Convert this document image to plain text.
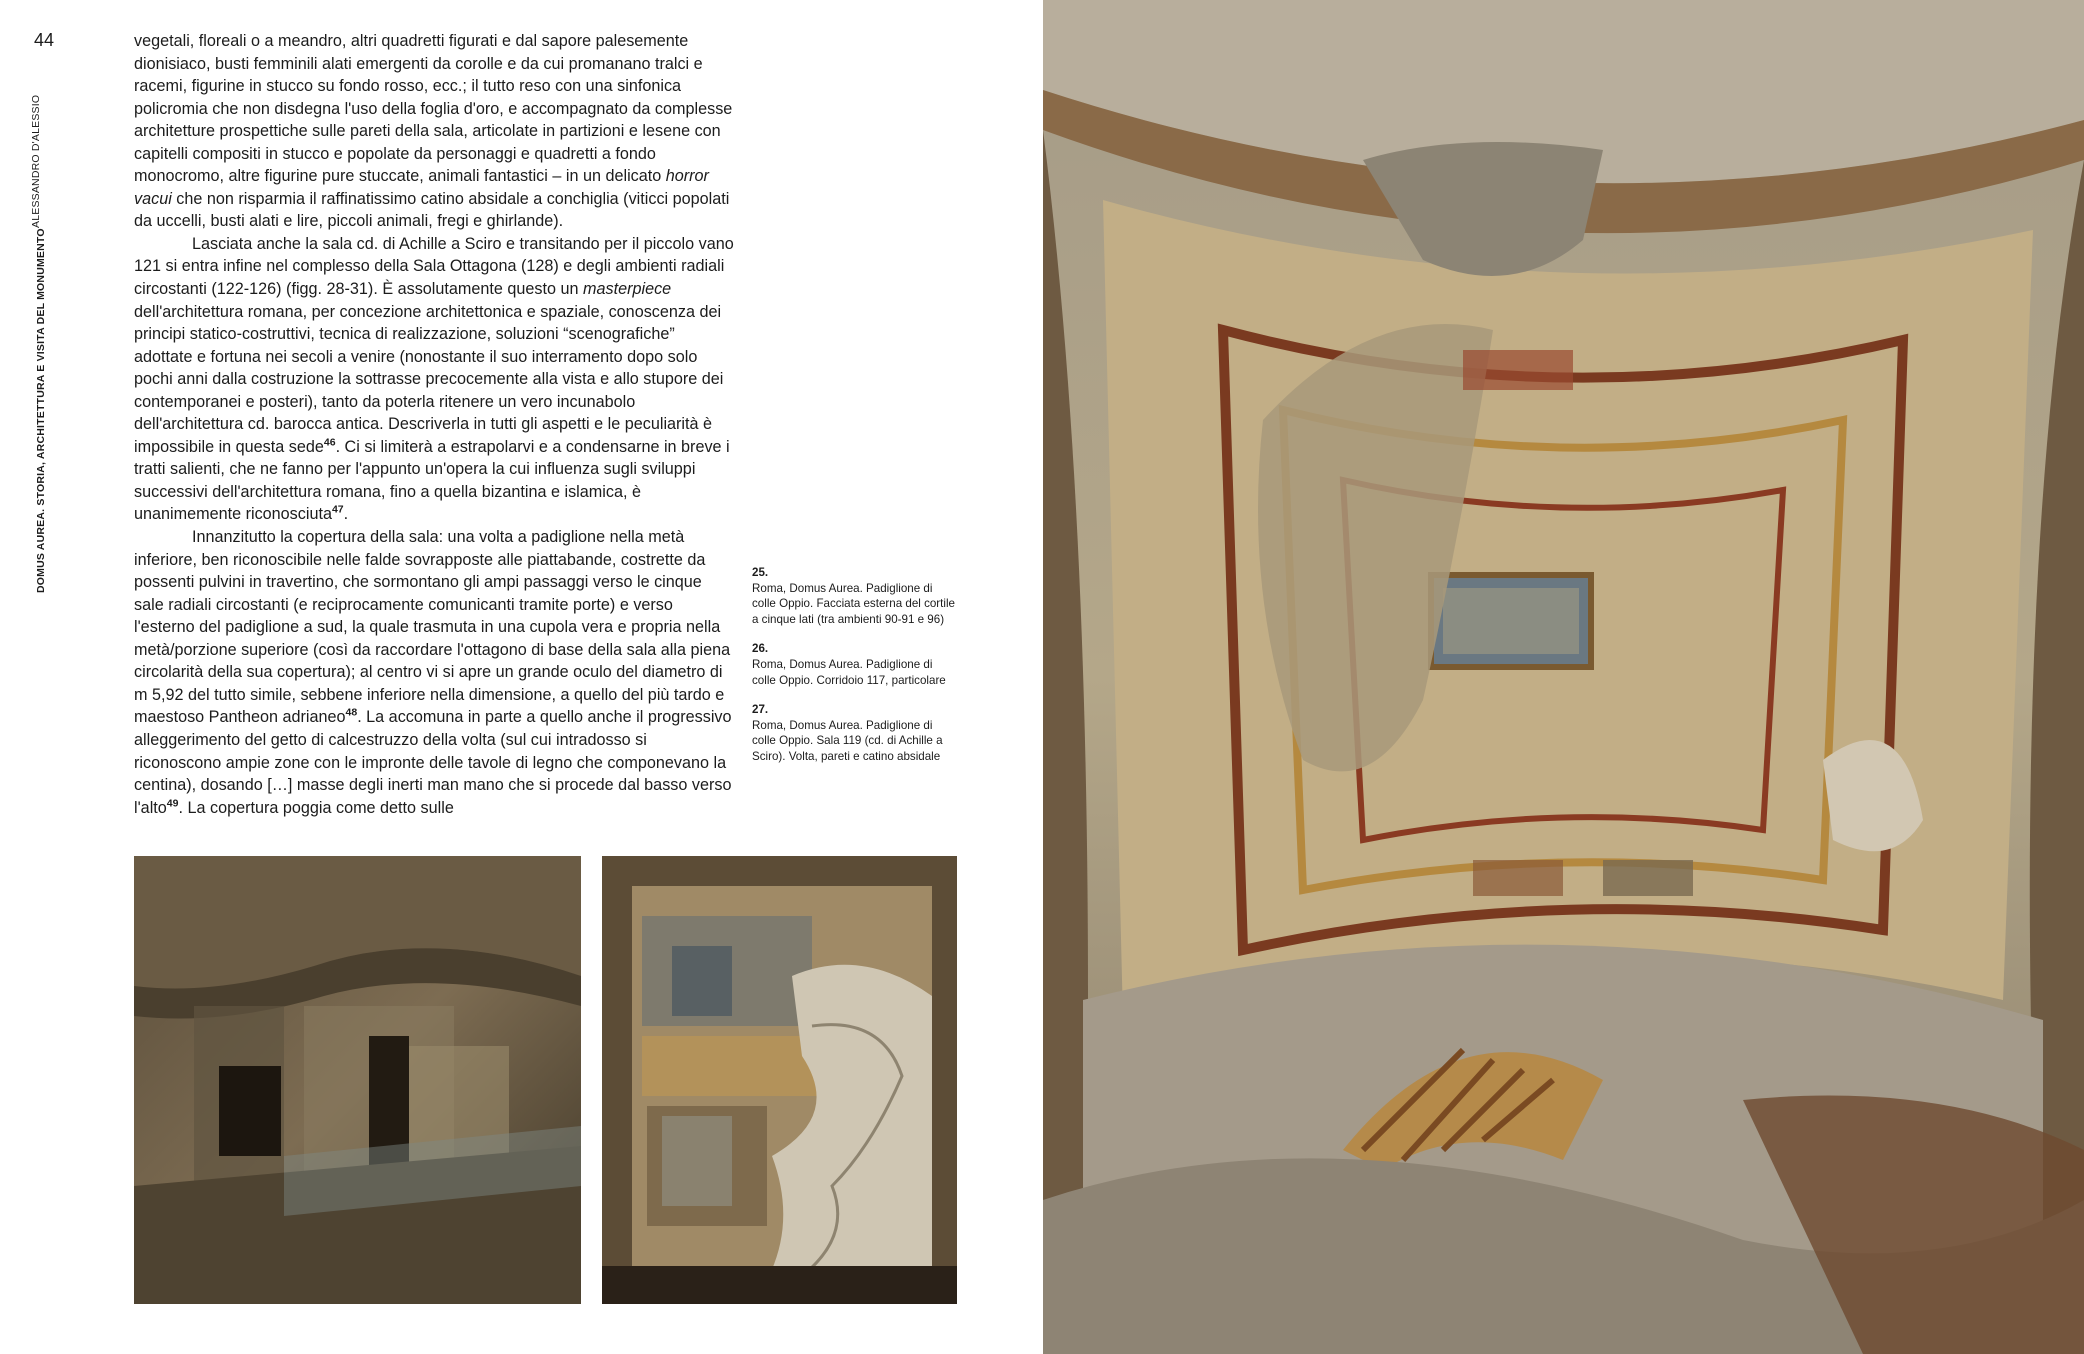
44
DOMUS AUREA. STORIA, ARCHITETTURA E VISITA DEL MONUMENTO
ALESSANDRO D'ALESSIO

vegetali, floreali o a meandro, altri quadretti figurati e dal sapore palesemente dionisiaco, busti femminili alati emergenti da corolle e da cui promanano tralci e racemi, figurine in stucco su fondo rosso, ecc.; il tutto reso con una sinfonica policromia che non disdegna l'uso della foglia d'oro, e accompagnato da complesse architetture prospettiche sulle pareti della sala, articolate in partizioni e lesene con capitelli compositi in stucco e popolate da personaggi e quadretti a fondo monocromo, altre figurine pure stuccate, animali fantastici – in un delicato horror vacui che non risparmia il raffinatissimo catino absidale a conchiglia (viticci popolati da uccelli, busti alati e lire, piccoli animali, fregi e ghirlande).

Lasciata anche la sala cd. di Achille a Sciro e transitando per il piccolo vano 121 si entra infine nel complesso della Sala Ottagona (128) e degli ambienti radiali circostanti (122-126) (figg. 28-31). È assolutamente questo un masterpiece dell'architettura romana, per concezione architettonica e spaziale, conoscenza dei principi statico-costruttivi, tecnica di realizzazione, soluzioni “scenografiche” adottate e fortuna nei secoli a venire (nonostante il suo interramento dopo solo pochi anni dalla costruzione la sottrasse precocemente alla vista e allo stupore dei contemporanei e posteri), tanto da poterla ritenere un vero incunabolo dell'architettura cd. barocca antica. Descriverla in tutti gli aspetti e le peculiarità è impossibile in questa sede$^{46}$. Ci si limiterà a estrapolarvi e a condensarne in breve i tratti salienti, che ne fanno per l'appunto un'opera la cui influenza sugli sviluppi successivi dell'architettura romana, fino a quella bizantina e islamica, è unanimemente riconosciuta$^{47}$.

Innanzitutto la copertura della sala: una volta a padiglione nella metà inferiore, ben riconoscibile nelle falde sovrapposte alle piattabande, costrette da possenti pulvini in travertino, che sormontano gli ampi passaggi verso le cinque sale radiali circostanti (e reciprocamente comunicanti tramite porte) e verso l'esterno del padiglione a sud, la quale trasmuta in una cupola vera e propria nella metà/porzione superiore (così da raccordare l'ottagono di base della sala alla piena circolarità della sua copertura); al centro vi si apre un grande oculo del diametro di m 5,92 del tutto simile, sebbene inferiore nella dimensione, a quello del più tardo e maestoso Pantheon adrianeo$^{48}$. La accomuna in parte a quello anche il progressivo alleggerimento del getto di calcestruzzo della volta (sul cui intradosso si riconoscono ampie zone con le impronte delle tavole di legno che componevano la centina), dosando […] masse degli inerti man mano che si procede dal basso verso l'alto$^{49}$. La copertura poggia come detto sulle

25.
Roma, Domus Aurea. Padiglione di colle Oppio. Facciata esterna del cortile a cinque lati (tra ambienti 90-91 e 96)
26.
Roma, Domus Aurea. Padiglione di colle Oppio. Corridoio 117, particolare
27.
Roma, Domus Aurea. Padiglione di colle Oppio. Sala 119 (cd. di Achille a Sciro). Volta, pareti e catino absidale
